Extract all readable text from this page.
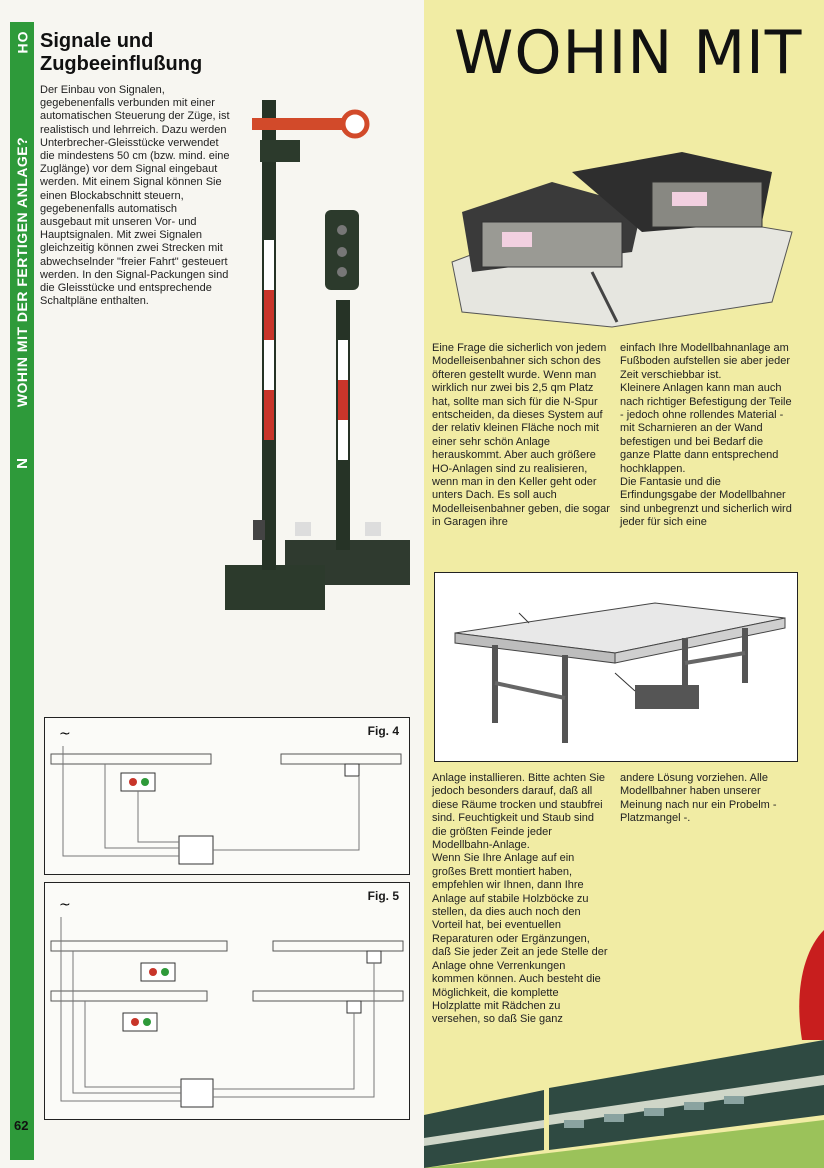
HO
WOHIN MIT DER FERTIGEN ANLAGE?
N
62
Signale und
Zugbeeinflußung

Der Einbau von Signalen, gegebenenfalls verbunden mit einer automatischen Steuerung der Züge, ist realistisch und lehrreich. Dazu werden Unterbrecher-Gleisstücke verwendet die mindestens 50 cm (bzw. mind. eine Zuglänge) vor dem Signal eingebaut werden. Mit einem Signal können Sie einen Blockabschnitt steuern, gegebenenfalls automatisch ausgebaut mit unseren Vor- und Hauptsignalen. Mit zwei Signalen gleichzeitig können zwei Strecken mit abwechselnder "freier Fahrt" gesteuert werden. In den Signal-Packungen sind die Gleisstücke und entsprechende Schaltpläne enthalten.

Fig. 4
~
Fig. 5
~
WOHIN MIT
Eine Frage die sicherlich von jedem Modelleisenbahner sich schon des öfteren gestellt wurde. Wenn man wirklich nur zwei bis 2,5 qm Platz hat, sollte man sich für die N-Spur entscheiden, da dieses System auf der relativ kleinen Fläche noch mit einer sehr schön Anlage herauskommt. Aber auch größere HO-Anlagen sind zu realisieren, wenn man in den Keller geht oder unters Dach. Es soll auch Modelleisenbahner geben, die sogar in Garagen ihre

einfach Ihre Modellbahnanlage am Fußboden aufstellen sie aber jeder Zeit verschiebbar ist.

Kleinere Anlagen kann man auch nach richtiger Befestigung der Teile - jedoch ohne rollendes Material - mit Scharnieren an der Wand befestigen und bei Bedarf die ganze Platte dann entsprechend hochklappen.

Die Fantasie und die Erfindungsgabe der Modellbahner sind unbegrenzt und sicherlich wird jeder für sich eine

Anlage installieren. Bitte achten Sie jedoch besonders darauf, daß all diese Räume trocken und staubfrei sind. Feuchtigkeit und Staub sind die größten Feinde jeder Modellbahn-Anlage.

Wenn Sie Ihre Anlage auf ein großes Brett montiert haben, empfehlen wir Ihnen, dann Ihre Anlage auf stabile Holzböcke zu stellen, da dies auch noch den Vorteil hat, bei eventuellen Reparaturen oder Ergänzungen, daß Sie jeder Zeit an jede Stelle der Anlage ohne Verrenkungen kommen können. Auch besteht die Möglichkeit, die komplette Holzplatte mit Rädchen zu versehen, so daß Sie ganz

andere Lösung vorziehen. Alle Modellbahner haben unserer Meinung nach nur ein Probelm - Platzmangel -.
